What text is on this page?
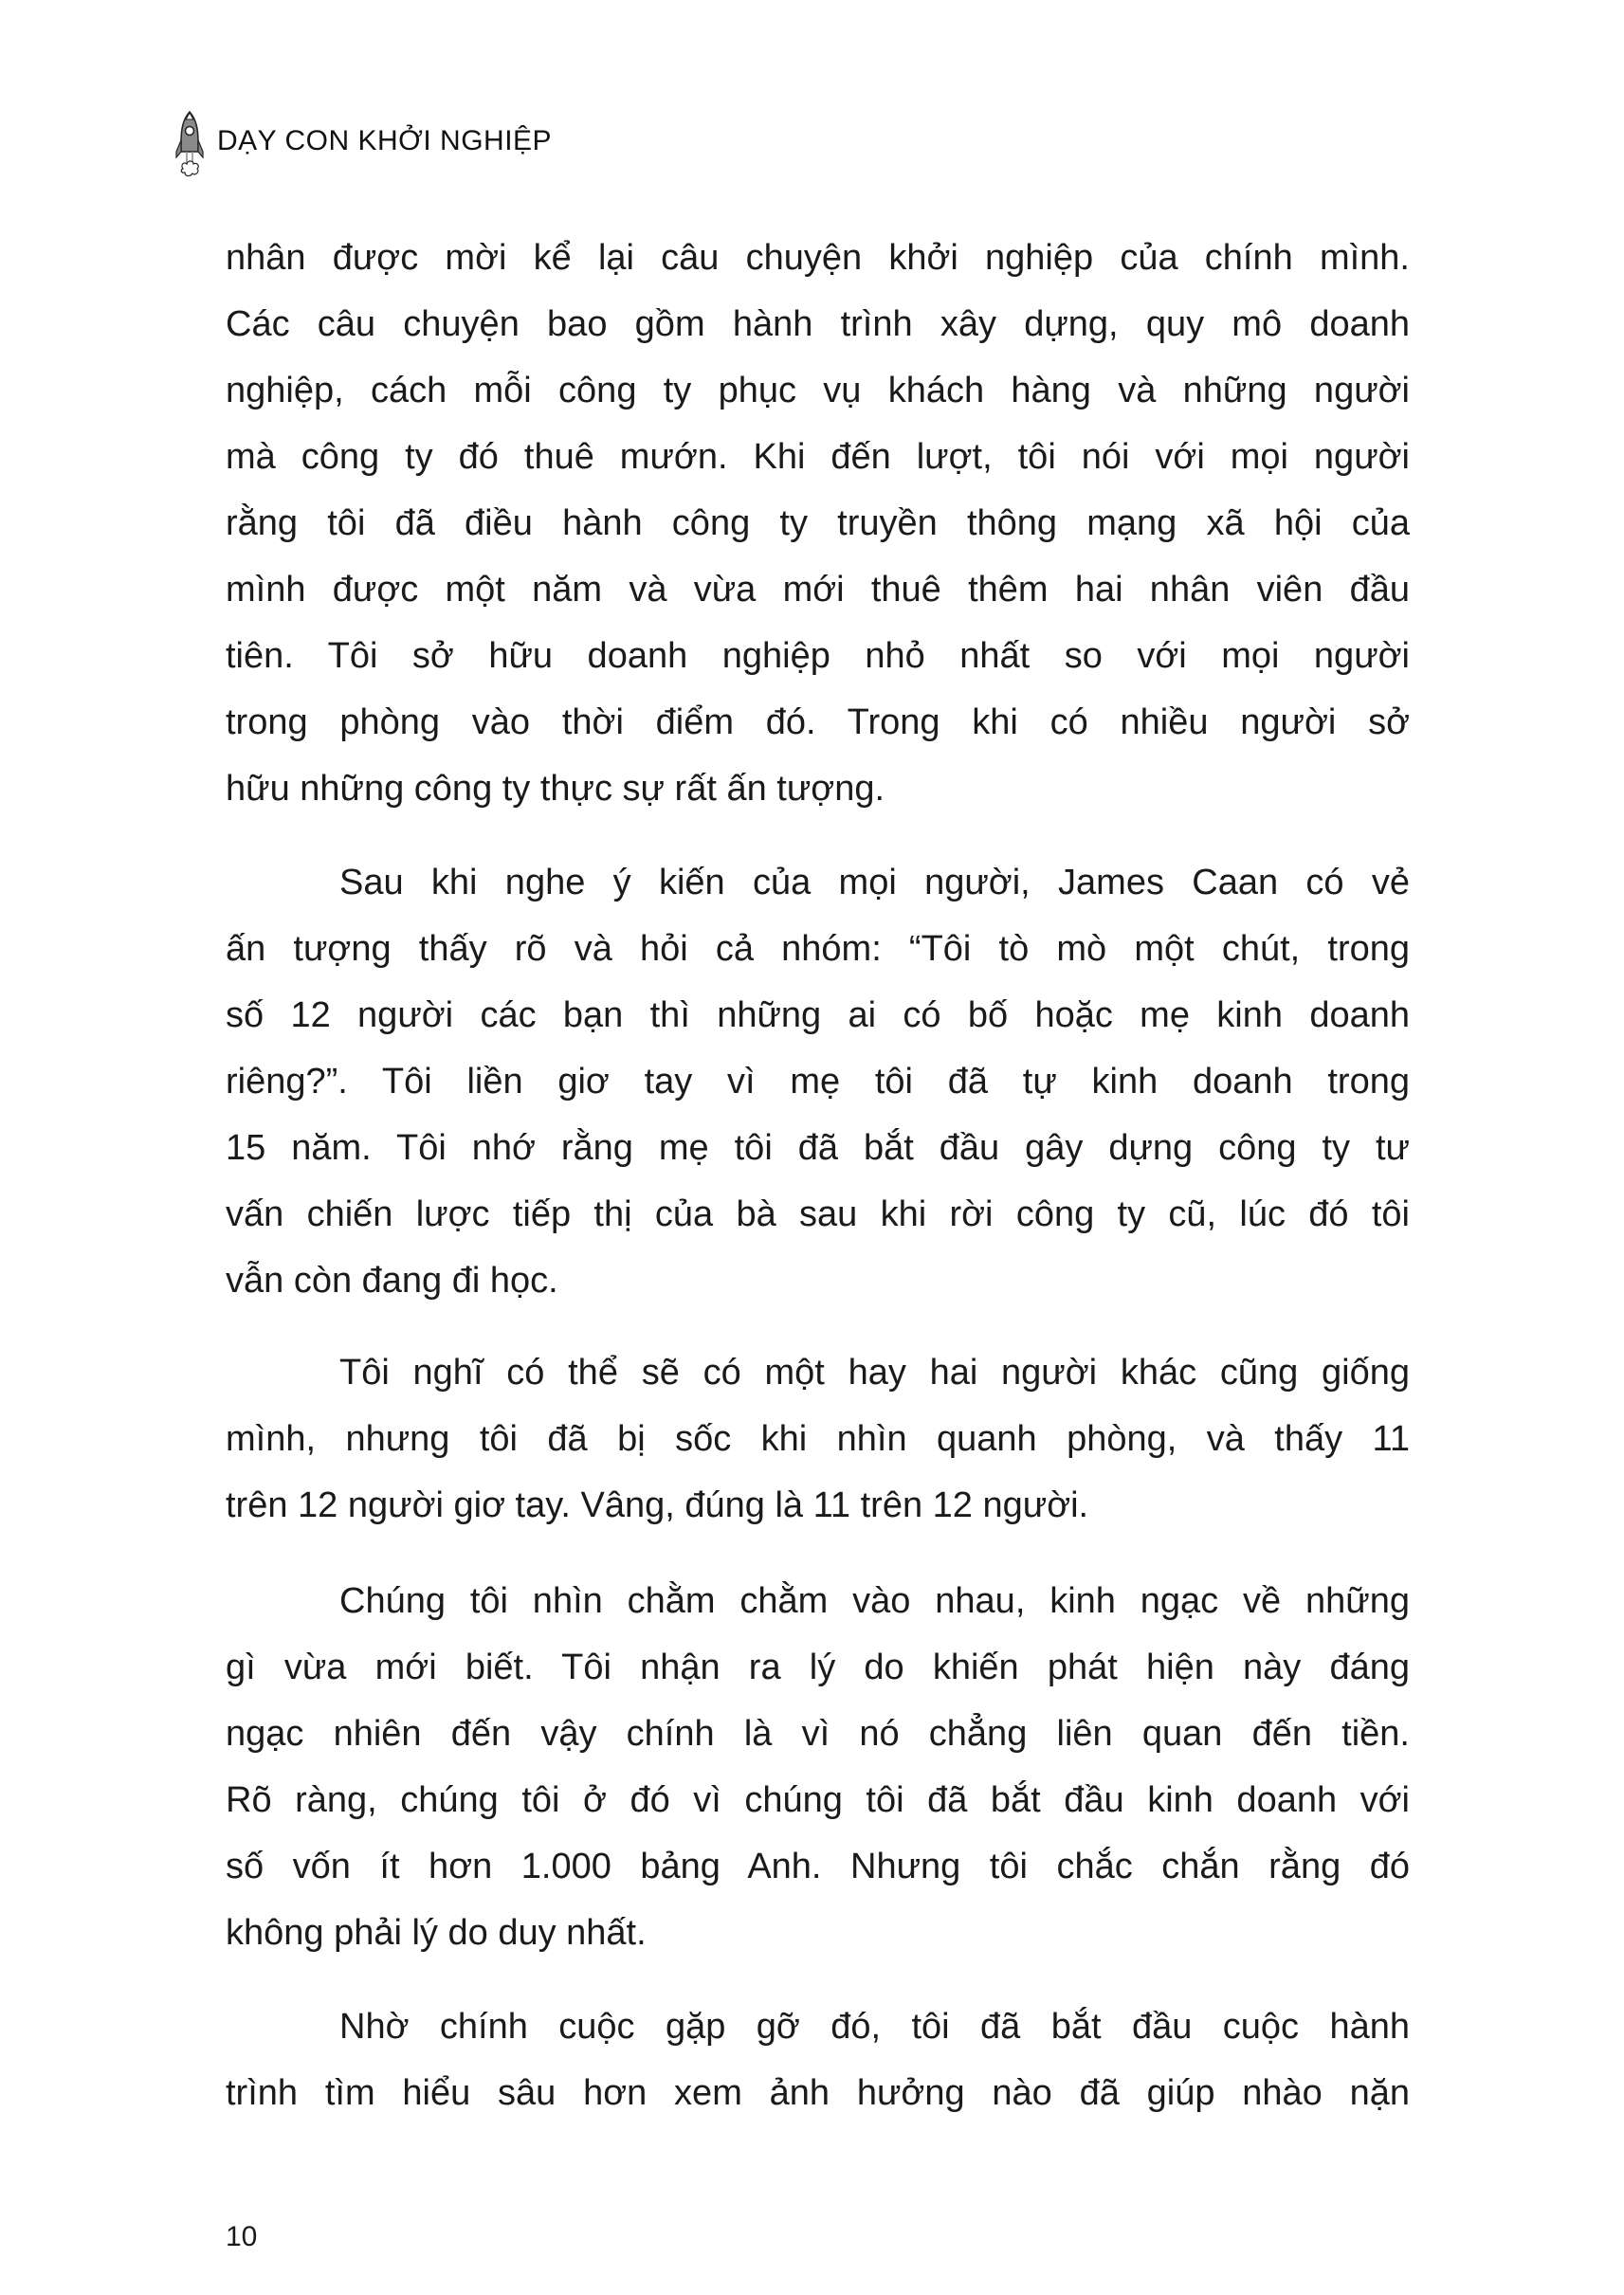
DẠY CON KHỞI NGHIỆP
nhân được mời kể lại câu chuyện khởi nghiệp của chính mình.
Các câu chuyện bao gồm hành trình xây dựng, quy mô doanh
nghiệp, cách mỗi công ty phục vụ khách hàng và những người
mà công ty đó thuê mướn. Khi đến lượt, tôi nói với mọi người
rằng tôi đã điều hành công ty truyền thông mạng xã hội của
mình được một năm và vừa mới thuê thêm hai nhân viên đầu
tiên. Tôi sở hữu doanh nghiệp nhỏ nhất so với mọi người
trong phòng vào thời điểm đó. Trong khi có nhiều người sở
hữu những công ty thực sự rất ấn tượng.
Sau khi nghe ý kiến của mọi người, James Caan có vẻ
ấn tượng thấy rõ và hỏi cả nhóm: “Tôi tò mò một chút, trong
số 12 người các bạn thì những ai có bố hoặc mẹ kinh doanh
riêng?”. Tôi liền giơ tay vì mẹ tôi đã tự kinh doanh trong
15 năm. Tôi nhớ rằng mẹ tôi đã bắt đầu gây dựng công ty tư
vấn chiến lược tiếp thị của bà sau khi rời công ty cũ, lúc đó tôi
vẫn còn đang đi học.
Tôi nghĩ có thể sẽ có một hay hai người khác cũng giống
mình, nhưng tôi đã bị sốc khi nhìn quanh phòng, và thấy 11
trên 12 người giơ tay. Vâng, đúng là 11 trên 12 người.
Chúng tôi nhìn chằm chằm vào nhau, kinh ngạc về những
gì vừa mới biết. Tôi nhận ra lý do khiến phát hiện này đáng
ngạc nhiên đến vậy chính là vì nó chẳng liên quan đến tiền.
Rõ ràng, chúng tôi ở đó vì chúng tôi đã bắt đầu kinh doanh với
số vốn ít hơn 1.000 bảng Anh. Nhưng tôi chắc chắn rằng đó
không phải lý do duy nhất.
Nhờ chính cuộc gặp gỡ đó, tôi đã bắt đầu cuộc hành
trình tìm hiểu sâu hơn xem ảnh hưởng nào đã giúp nhào nặn
10
